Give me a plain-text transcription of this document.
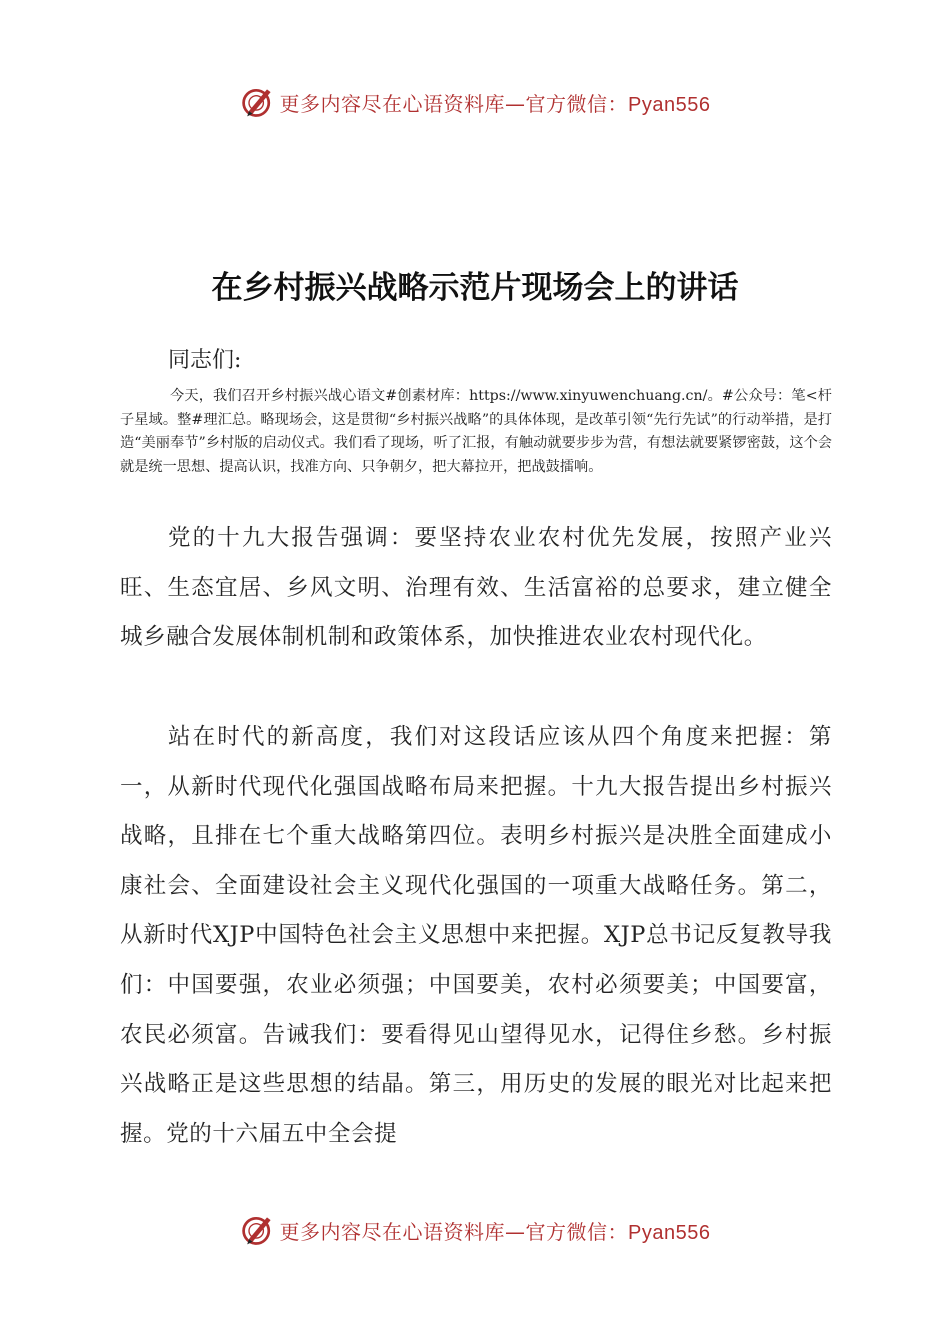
更多内容尽在心语资料库—官方微信：Pyan556
在乡村振兴战略示范片现场会上的讲话
同志们:
今天，我们召开乡村振兴战心语文#创素材库：https://www.xinyuwenchuang.cn/。#公众号：笔<杆子星域。整#理汇总。略现场会，这是贯彻“乡村振兴战略”的具体体现，是改革引领“先行先试”的行动举措，是打造“美丽奉节”乡村版的启动仪式。我们看了现场，听了汇报，有触动就要步步为营，有想法就要紧锣密鼓，这个会就是统一思想、提高认识，找准方向、只争朝夕，把大幕拉开，把战鼓擂响。
党的十九大报告强调：要坚持农业农村优先发展，按照产业兴旺、生态宜居、乡风文明、治理有效、生活富裕的总要求，建立健全城乡融合发展体制机制和政策体系，加快推进农业农村现代化。
站在时代的新高度，我们对这段话应该从四个角度来把握：第一，从新时代现代化强国战略布局来把握。十九大报告提出乡村振兴战略，且排在七个重大战略第四位。表明乡村振兴是决胜全面建成小康社会、全面建设社会主义现代化强国的一项重大战略任务。第二，从新时代XJP中国特色社会主义思想中来把握。XJP总书记反复教导我们：中国要强，农业必须强；中国要美，农村必须要美；中国要富，农民必须富。告诫我们：要看得见山望得见水，记得住乡愁。乡村振兴战略正是这些思想的结晶。第三，用历史的发展的眼光对比起来把握。党的十六届五中全会提
更多内容尽在心语资料库—官方微信：Pyan556
